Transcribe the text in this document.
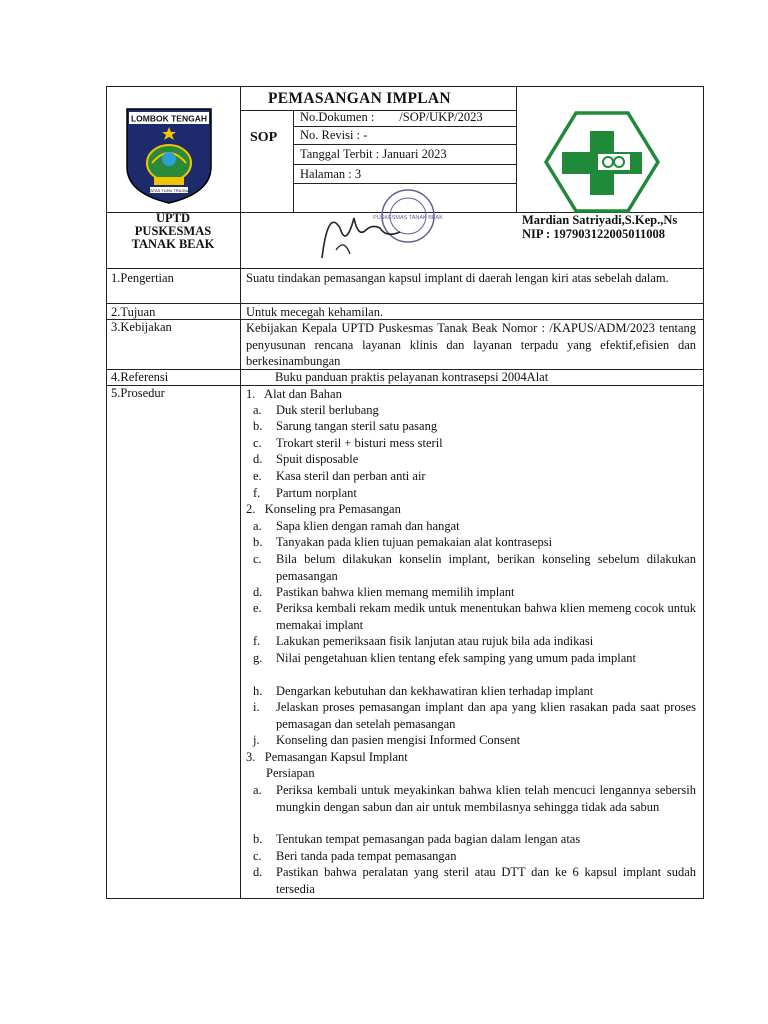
LOMBOK TENGAH
TATAS TUHU TRASNA
PEMASANGAN IMPLAN
SOP
No.Dokumen :        /SOP/UKP/2023
No. Revisi : -
Tanggal Terbit : Januari 2023
Halaman : 3
UPTD
PUSKESMAS
TANAK BEAK
PUSKESMAS TANAK BEAK	Mardian Satriyadi,S.Kep.,Ns
NIP : 197903122005011008
1.Pengertian	Suatu tindakan pemasangan kapsul implant di daerah lengan kiri atas sebelah dalam.
2.Tujuan	Untuk mecegah kehamilan.
3.Kebijakan	Kebijakan Kepala UPTD Puskesmas Tanak Beak Nomor : /KAPUS/ADM/2023 tentang penyusunan rencana layanan klinis dan layanan terpadu yang efektif,efisien dan berkesinambungan
4.Referensi	Buku panduan praktis pelayanan kontrasepsi 2004Alat
5.Prosedur	1.   Alat dan Bahan
a. Duk steril berlubang
b. Sarung tangan steril satu pasang
c. Trokart steril + bisturi mess steril
d. Spuit disposable
e. Kasa steril dan perban anti air
f. Partum norplant
2.   Konseling pra Pemasangan
a. Sapa klien dengan ramah dan hangat
b. Tanyakan pada klien tujuan pemakaian alat kontrasepsi
c. Bila belum dilakukan konselin implant, berikan konseling sebelum dilakukan pemasangan
d. Pastikan bahwa klien memang memilih implant
e. Periksa kembali rekam medik untuk menentukan bahwa klien memeng cocok untuk memakai implant
f. Lakukan pemeriksaan fisik lanjutan atau rujuk bila ada indikasi
g. Nilai pengetahuan klien tentang efek samping yang umum pada implant
h. Dengarkan kebutuhan dan kekhawatiran klien terhadap implant
i. Jelaskan proses pemasangan implant dan apa yang klien rasakan pada saat proses pemasagan dan setelah pemasangan
j. Konseling dan pasien mengisi Informed Consent
3.   Pemasangan Kapsul Implant
Persiapan
a. Periksa kembali untuk meyakinkan bahwa klien telah mencuci lengannya sebersih mungkin dengan sabun dan air untuk membilasnya sehingga tidak ada sabun
b. Tentukan tempat pemasangan pada bagian dalam lengan atas
c. Beri tanda pada tempat pemasangan
d. Pastikan bahwa peralatan yang steril atau DTT dan ke 6 kapsul implant sudah tersedia
